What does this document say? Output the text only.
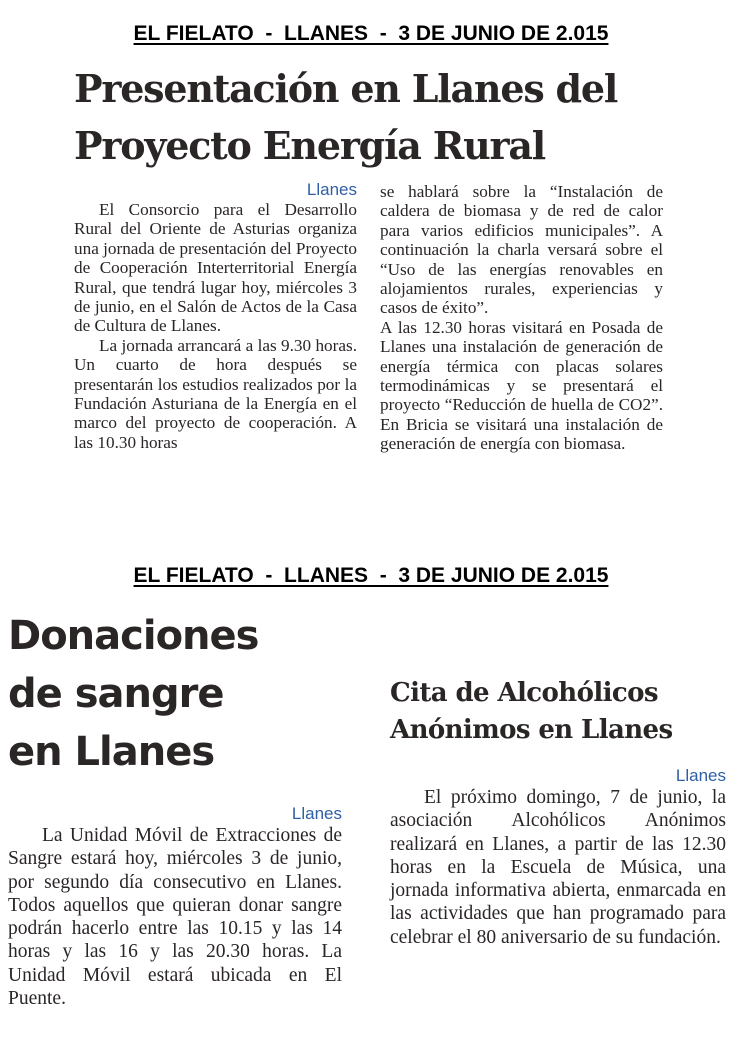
EL FIELATO  -  LLANES  -  3 DE JUNIO DE 2.015
Presentación en Llanes del
Proyecto Energía Rural
Llanes

El Consorcio para el Desarrollo Rural del Oriente de Asturias organiza una jornada de presentación del Proyecto de Cooperación Interterritorial Energía Rural, que tendrá lugar hoy, miércoles 3 de junio, en el Salón de Actos de la Casa de Cultura de Llanes.

La jornada arrancará a las 9.30 horas. Un cuarto de hora después se presentarán los estudios realizados por la Fundación Asturiana de la Energía en el marco del proyecto de cooperación. A las 10.30 horas

se hablará sobre la “Instalación de caldera de biomasa y de red de calor para varios edificios municipales”. A continuación la charla versará sobre el “Uso de las energías renovables en alojamientos rurales, experiencias y casos de éxito”.

A las 12.30 horas visitará en Posada de Llanes una instalación de generación de energía térmica con placas solares termodinámicas y se presentará el proyecto “Reducción de huella de CO2”. En Bricia se visitará una instalación de generación de energía con biomasa.

EL FIELATO  -  LLANES  -  3 DE JUNIO DE 2.015
Donaciones
de sangre
en Llanes
Llanes

La Unidad Móvil de Extracciones de Sangre estará hoy, miércoles 3 de junio, por segundo día consecutivo en Llanes. Todos aquellos que quieran donar sangre podrán hacerlo entre las 10.15 y las 14 horas y las 16 y las 20.30 horas. La Unidad Móvil estará ubicada en El Puente.

Cita de Alcohólicos
Anónimos en Llanes
Llanes

El próximo domingo, 7 de junio, la asociación Alcohólicos Anónimos realizará en Llanes, a partir de las 12.30 horas en la Escuela de Música, una jornada informativa abierta, enmarcada en las actividades que han programado para celebrar el 80 aniversario de su fundación.
